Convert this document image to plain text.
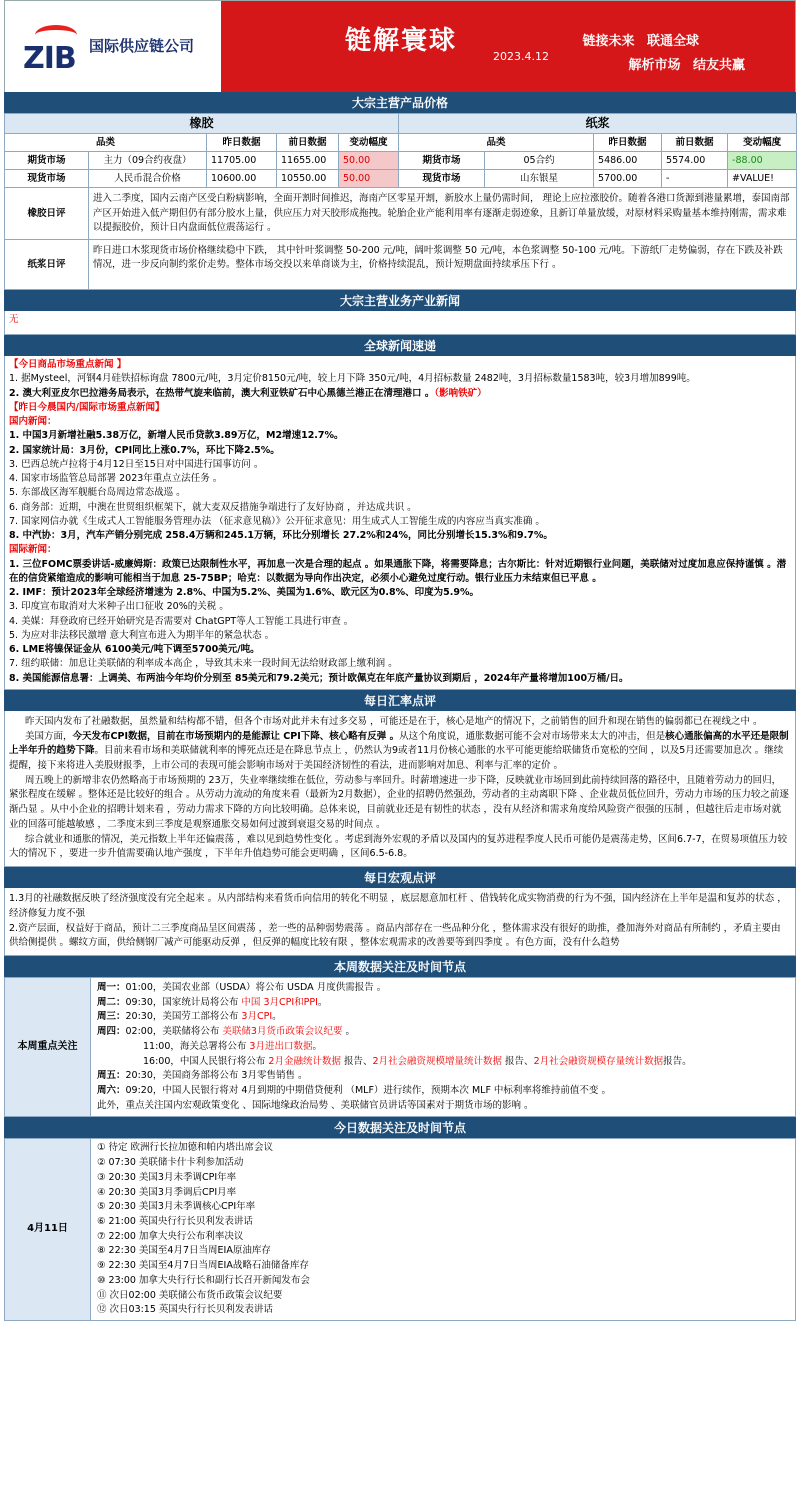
ZIB 国际供应链公司	链解寰球
2023.4.12
链接未来 联通全球
解析市场 结友共赢
大宗主营产品价格
橡胶					纸浆				
品类		昨日数据	前日数据	变动幅度	品类		昨日数据	前日数据	变动幅度
期货市场	主力（09合约夜盘）	11705.00	11655.00	50.00	期货市场	05合约	5486.00	5574.00	-88.00
现货市场	人民币混合价格	10600.00	10550.00	50.00	现货市场	山东银星	5700.00	-	#VALUE!
橡胶日评	进入二季度，国内云南产区受白粉病影响，全面开割时间推迟，海南产区零星开割，新胶水上量仍需时间， 理论上应拉涨胶价。随着各港口货源到港量累增，泰国南部产区开始进入低产期但仍有部分胶水上量，供应压力对天胶形成拖拽。轮胎企业产能利用率有逐渐走弱迹象，且新订单量放缓，对原材料采购量基本维持刚需，需求难以提振胶价，预计日内盘面低位震荡运行 。								
纸浆日评	昨日进口木浆现货市场价格继续稳中下跌， 其中针叶浆调整 50-200 元/吨，阔叶浆调整 50 元/吨，本色浆调整 50-100 元/吨。下游纸厂走势偏弱，存在下跌及补跌情况，进一步反向制约浆价走势。整体市场交投以来单商谈为主，价格持续混乱，预计短期盘面持续承压下行 。								
大宗主营业务产业新闻
无
全球新闻速递

【今日商品市场重点新闻 】

1. 据Mysteel，河钢4月硅铁招标询盘 7800元/吨，3月定价8150元/吨，较上月下降 350元/吨，4月招标数量 2482吨，3月招标数量1583吨，较3月增加899吨。

2. 澳大利亚皮尔巴拉港务局表示，在热带气旋来临前，澳大利亚铁矿石中心黑德兰港正在清理港口 。（影响铁矿）

【昨日今晨国内/国际市场重点新闻】

国内新闻：

1. 中国3月新增社融5.38万亿，新增人民币贷款3.89万亿，M2增速12.7%。

2. 国家统计局：3月份，CPI同比上涨0.7%，环比下降2.5%。

3. 巴西总统卢拉将于4月12日至15日对中国进行国事访问 。

4. 国家市场监管总局部署 2023年重点立法任务 。

5. 东部战区海军舰艇台岛周边常态战巡 。

6. 商务部：近期，中澳在世贸组织框架下，就大麦双反措施争端进行了友好协商 ，并达成共识 。

7. 国家网信办就《生成式人工智能服务管理办法 （征求意见稿）》公开征求意见：用生成式人工智能生成的内容应当真实准确 。

8. 中汽协：3月，汽车产销分别完成 258.4万辆和245.1万辆，环比分别增长 27.2%和24%，同比分别增长15.3%和9.7%。

国际新闻：

1. 三位FOMC票委讲话-威廉姆斯：政策已达限制性水平，再加息一次是合理的起点 。如果通胀下降，将需要降息；古尔斯比：针对近期银行业问题，美联储对过度加息应保持谨慎 。潜在的信贷紧缩造成的影响可能相当于加息 25-75BP；哈克：以数据为导向作出决定，必须小心避免过度行动。银行业压力未结束但已平息 。

2. IMF：预计2023年全球经济增速为 2.8%、中国为5.2%、美国为1.6%、欧元区为0.8%、印度为5.9%。

3. 印度宣布取消对大米种子出口征收 20%的关税 。

4. 美媒：拜登政府已经开始研究是否需要对 ChatGPT等人工智能工具进行审查 。

5. 为应对非法移民激增 意大利宣布进入为期半年的紧急状态 。

6. LME将镍保证金从 6100美元/吨下调至5700美元/吨。

7. 纽约联储：加息让美联储的利率成本高企 ，导致其未来一段时间无法给财政部上缴利润 。

8. 美国能源信息署：上调美、布两油今年均价分别至 85美元和79.2美元；预计欧佩克在年底产量协议到期后 ，2024年产量将增加100万桶/日。

每日汇率点评

昨天国内发布了社融数据，虽然量和结构都不错，但各个市场对此并未有过多交易 ，可能还是在于，核心是地产的情况下，之前销售的回升和现在销售的偏弱都已在视线之中 。

美国方面，今天发布CPI数据，目前在市场预期内的是能源让 CPI下降、核心略有反弹 。从这个角度说，通胀数据可能不会对市场带来太大的冲击，但是核心通胀偏高的水平还是限制上半年升的趋势下降。目前来看市场和美联储就利率的博死点还是在降息节点上 ，仍然认为9或者11月份核心通胀的水平可能更能给联储货币宽松的空间 ，以及5月还需要加息次 。继续提醒，接下来将进入美股财报季，上市公司的表现可能会影响市场对于美国经济韧性的看法，进而影响对加息、利率与汇率的定价 。

周五晚上的新增非农仍然略高于市场预期的 23万，失业率继续维在低位，劳动参与率回升。时薪增速进一步下降，反映就业市场回到此前持续回落的路径中，且随着劳动力的回归，紧张程度在缓解 。整体还是比较好的组合 。从劳动力流动的角度来看（最新为2月数据），企业的招聘仍然强劲，劳动者的主动离职下降 、企业裁员低位回升，劳动力市场的压力较之前逐渐凸显 。从中小企业的招聘计划来看 ，劳动力需求下降的方向比较明确。总体来说，目前就业还是有韧性的状态 ，没有从经济和需求角度给风险资产很强的压制 ，但越往后走市场对就业的回落可能越敏感 ，二季度末到三季度是观察通胀交易如何过渡到衰退交易的时间点 。

综合就业和通胀的情况，美元指数上半年还偏震荡 ，难以见到趋势性变化 。考虑到海外宏观的矛盾以及国内的复苏进程季度人民币可能仍是震荡走势，区间6.7-7，在贸易项值压力较大的情况下 ，要进一步升值需要确认地产强度 ，下半年升值趋势可能会更明确 ，区间6.5-6.8。

每日宏观点评

1.3月的社融数据反映了经济强度没有完全起来 。从内部结构来看货币向信用的转化不明显 ，底层愿意加杠杆 、借钱转化成实物消费的行为不强，国内经济在上半年是温和复苏的状态 ，经济修复力度不强

2.资产层面，权益好于商品，预计二三季度商品呈区间震荡 ，差一些的品种弱势震荡 。商品内部存在一些品种分化 ，整体需求没有很好的助推，叠加海外对商品有所制约 ，矛盾主要由供给侧提供 。螺纹方面，供给侧钢厂减产可能驱动反弹 ，但反弹的幅度比较有限 ，整体宏观需求的改善要等到四季度 。有色方面，没有什么趋势

本周数据关注及时间节点
本周重点关注	
周一：01:00，美国农业部（USDA）将公布 USDA 月度供需报告 。
周二：09:30，国家统计局将公布 中国 3月CPI和PPI。
周三：20:30，美国劳工部将公布 3月CPI。
周四：02:00，美联储将公布 美联储3月货币政策会议纪要 。
11:00，海关总署将公布 3月进出口数据。
16:00，中国人民银行将公布 2月金融统计数据 报告、2月社会融资规模增量统计数据 报告、2月社会融资规模存量统计数据报告。
周五：20:30，美国商务部将公布 3月零售销售 。
周六：09:20，中国人民银行将对 4月到期的中期借贷便利 （MLF）进行续作，预期本次 MLF 中标利率将维持前值不变 。
此外，重点关注国内宏观政策变化 、国际地缘政治局势 、美联储官员讲话等国素对于期货市场的影响 。
今日数据关注及时间节点
4月11日	
① 待定 欧洲行长拉加德和帕内塔出席会议
② 07:30 美联储卡什卡利参加活动
③ 20:30 美国3月未季调CPI年率
④ 20:30 美国3月季调后CPI月率
⑤ 20:30 美国3月未季调核心CPI年率
⑥ 21:00 英国央行行长贝利发表讲话
⑦ 22:00 加拿大央行公布利率决议
⑧ 22:30 美国至4月7日当周EIA原油库存
⑨ 22:30 美国至4月7日当周EIA战略石油储备库存
⑩ 23:00 加拿大央行行长和副行长召开新闻发布会
⑪ 次日02:00 美联储公布货币政策会议纪要
⑫ 次日03:15 英国央行行长贝利发表讲话
